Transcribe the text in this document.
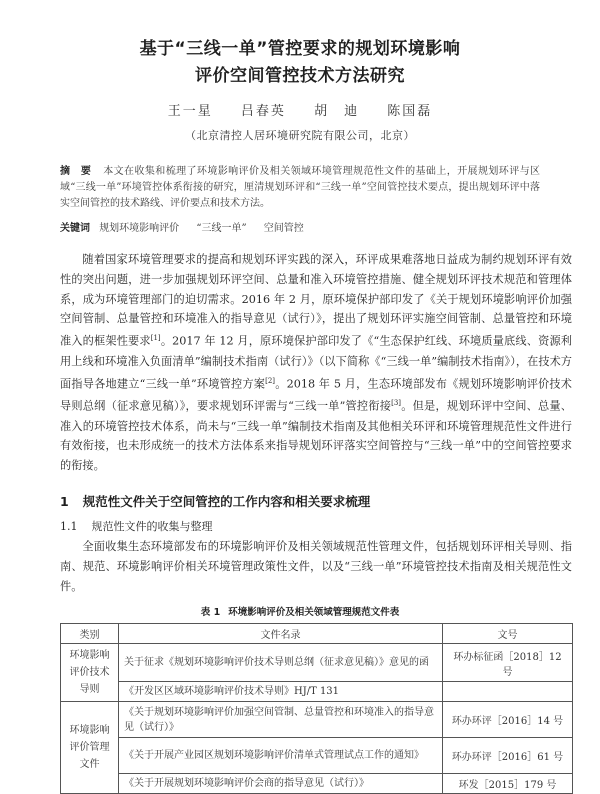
基于“三线一单”管控要求的规划环境影响
评价空间管控技术方法研究
王一星 吕春英 胡　迪 陈国磊
（北京清控人居环境研究院有限公司，北京）
摘　要 本文在收集和梳理了环境影响评价及相关领域环境管理规范性文件的基础上，开展规划环评与区域“三线一单”环境管控体系衔接的研究，厘清规划环评和“三线一单”空间管控技术要点，提出规划环评中落实空间管控的技术路线、评价要点和技术方法。
关键词 规划环境影响评价 “三线一单” 空间管控
随着国家环境管理要求的提高和规划环评实践的深入，环评成果难落地日益成为制约规划环评有效性的突出问题，进一步加强规划环评空间、总量和准入环境管控措施、健全规划环评技术规范和管理体系，成为环境管理部门的迫切需求。2016 年 2 月，原环境保护部印发了《关于规划环境影响评价加强空间管制、总量管控和环境准入的指导意见（试行）》，提出了规划环评实施空间管制、总量管控和环境准入的框架性要求[1]。2017 年 12 月，原环境保护部印发了《“生态保护红线、环境质量底线、资源利用上线和环境准入负面清单”编制技术指南（试行）》（以下简称《“三线一单”编制技术指南》），在技术方面指导各地建立“三线一单”环境管控方案[2]。2018 年 5 月，生态环境部发布《规划环境影响评价技术导则总纲（征求意见稿）》，要求规划环评需与“三线一单”管控衔接[3]。但是，规划环评中空间、总量、准入的环境管控技术体系，尚未与“三线一单”编制技术指南及其他相关环评和环境管理规范性文件进行有效衔接，也未形成统一的技术方法体系来指导规划环评落实空间管控与“三线一单”中的空间管控要求的衔接。
1 规范性文件关于空间管控的工作内容和相关要求梳理
1.1 规范性文件的收集与整理
全面收集生态环境部发布的环境影响评价及相关领域规范性管理文件，包括规划环评相关导则、指南、规范、环境影响评价相关环境管理政策性文件，以及“三线一单”环境管控技术指南及相关规范性文件。
表 1 环境影响评价及相关领域管理规范文件表
类别	文件名录	文号
环境影响评价技术导则	关于征求《规划环境影响评价技术导则总纲（征求意见稿）》意见的函	环办标征函［2018］12 号
	《开发区区域环境影响评价技术导则》HJ/T 131	
环境影响评价管理文件	《关于规划环境影响评价加强空间管制、总量管控和环境准入的指导意见（试行）》	环办环评［2016］14 号
	《关于开展产业园区规划环境影响评价清单式管理试点工作的通知》	环办环评［2016］61 号
	《关于开展规划环境影响评价会商的指导意见（试行）》	环发［2015］179 号
